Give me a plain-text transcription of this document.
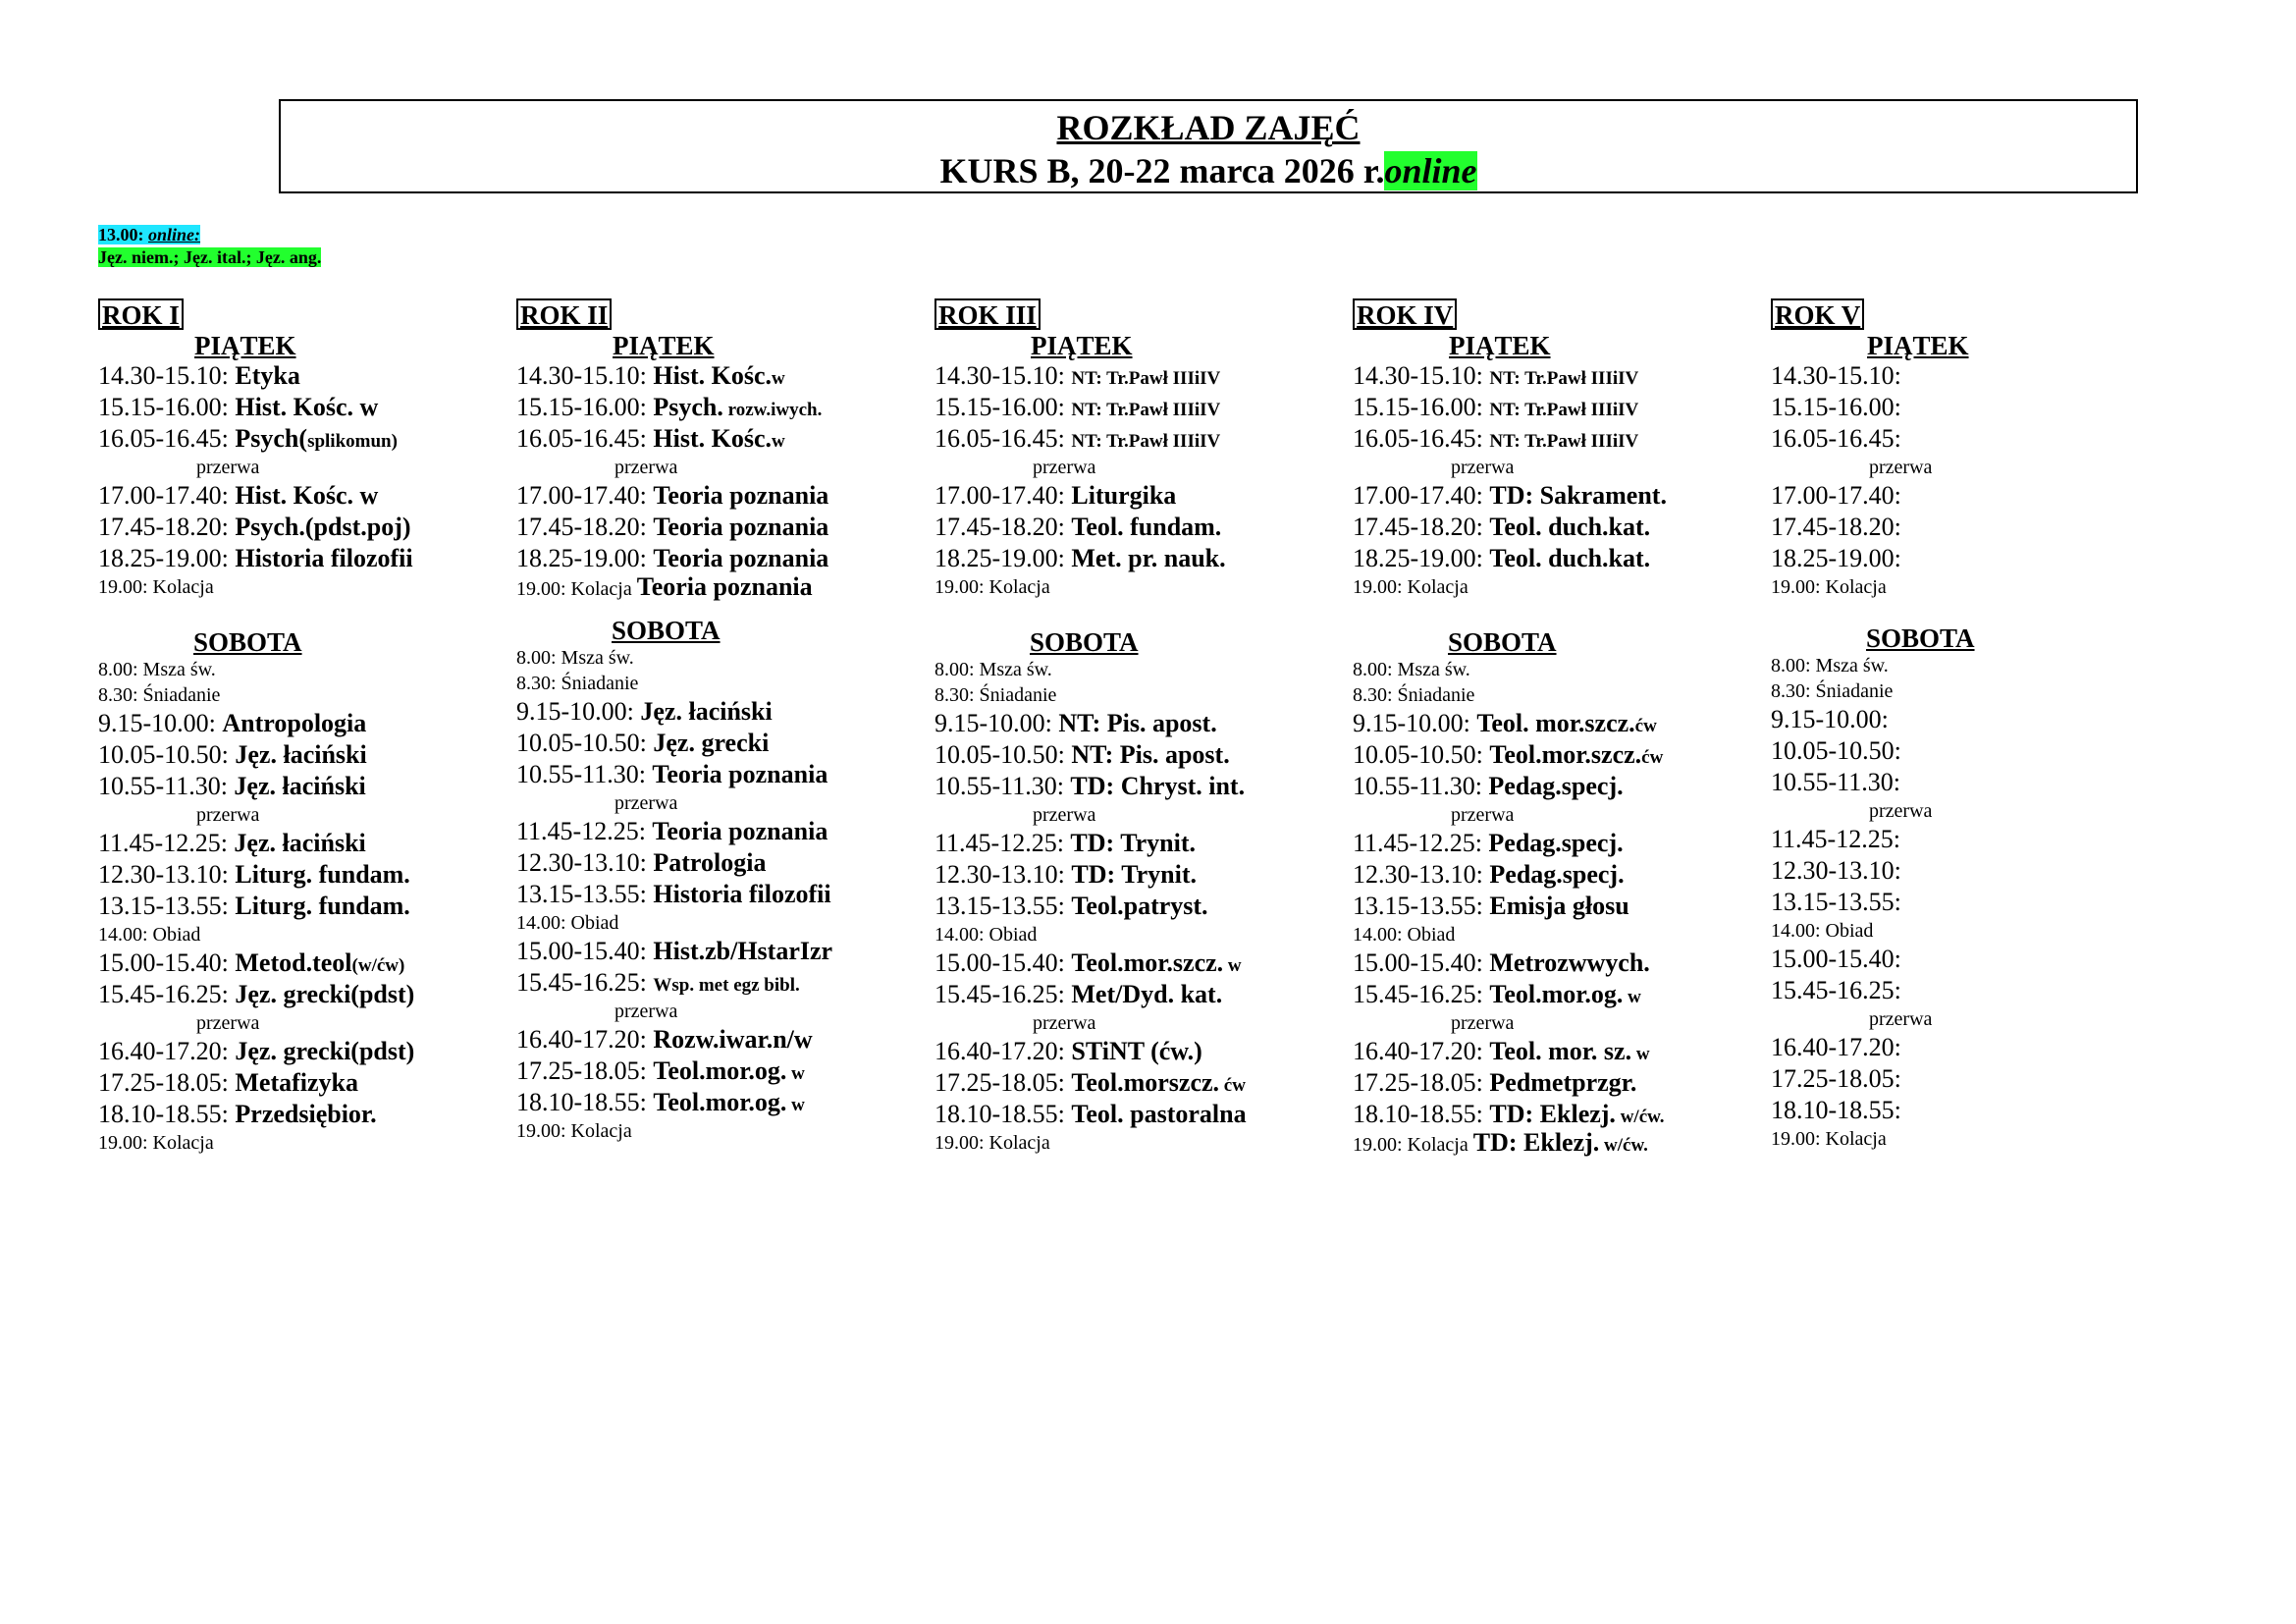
ROZKŁAD ZAJĘĆ
KURS B, 20-22 marca 2026 r.online
13.00: online:
Jęz. niem.; Jęz. ital.; Jęz. ang.
ROK I
PIĄTEK
14.30-15.10: Etyka
15.15-16.00: Hist. Kośc. w
16.05-16.45: Psych(splikomun)
przerwa
17.00-17.40: Hist. Kośc. w
17.45-18.20: Psych.(pdst.poj)
18.25-19.00: Historia filozofii
19.00: Kolacja
SOBOTA
8.00: Msza św.
8.30: Śniadanie
9.15-10.00: Antropologia
10.05-10.50: Jęz. łaciński
10.55-11.30: Jęz. łaciński
przerwa
11.45-12.25: Jęz. łaciński
12.30-13.10: Liturg. fundam.
13.15-13.55: Liturg. fundam.
14.00: Obiad
15.00-15.40: Metod.teol(w/ćw)
15.45-16.25: Jęz. grecki(pdst)
przerwa
16.40-17.20: Jęz. grecki(pdst)
17.25-18.05: Metafizyka
18.10-18.55: Przedsiębior.
19.00: Kolacja
ROK II
PIĄTEK
14.30-15.10: Hist. Kośc.w
15.15-16.00: Psych. rozw.iwych.
16.05-16.45: Hist. Kośc.w
przerwa
17.00-17.40: Teoria poznania
17.45-18.20: Teoria poznania
18.25-19.00: Teoria poznania
19.00: Kolacja Teoria poznania
SOBOTA
8.00: Msza św.
8.30: Śniadanie
9.15-10.00: Jęz. łaciński
10.05-10.50: Jęz. grecki
10.55-11.30: Teoria poznania
przerwa
11.45-12.25: Teoria poznania
12.30-13.10: Patrologia
13.15-13.55: Historia filozofii
14.00: Obiad
15.00-15.40: Hist.zb/HstarIzr
15.45-16.25: Wsp. met egz bibl.
przerwa
16.40-17.20: Rozw.iwar.n/w
17.25-18.05: Teol.mor.og. w
18.10-18.55: Teol.mor.og. w
19.00: Kolacja
ROK III
PIĄTEK
14.30-15.10: NT: Tr.Pawł IIIiIV
15.15-16.00: NT: Tr.Pawł IIIiIV
16.05-16.45: NT: Tr.Pawł IIIiIV
przerwa
17.00-17.40: Liturgika
17.45-18.20: Teol. fundam.
18.25-19.00: Met. pr. nauk.
19.00: Kolacja
SOBOTA
8.00: Msza św.
8.30: Śniadanie
9.15-10.00: NT: Pis. apost.
10.05-10.50: NT: Pis. apost.
10.55-11.30: TD: Chryst. int.
przerwa
11.45-12.25: TD: Trynit.
12.30-13.10: TD: Trynit.
13.15-13.55: Teol.patryst.
14.00: Obiad
15.00-15.40: Teol.mor.szcz. w
15.45-16.25: Met/Dyd. kat.
przerwa
16.40-17.20: STiNT (ćw.)
17.25-18.05: Teol.morszcz. ćw
18.10-18.55: Teol. pastoralna
19.00: Kolacja
ROK IV
PIĄTEK
14.30-15.10: NT: Tr.Pawł IIIiIV
15.15-16.00: NT: Tr.Pawł IIIiIV
16.05-16.45: NT: Tr.Pawł IIIiIV
przerwa
17.00-17.40: TD: Sakrament.
17.45-18.20: Teol. duch.kat.
18.25-19.00: Teol. duch.kat.
19.00: Kolacja
SOBOTA
8.00: Msza św.
8.30: Śniadanie
9.15-10.00: Teol. mor.szcz.ćw
10.05-10.50: Teol.mor.szcz.ćw
10.55-11.30: Pedag.specj.
przerwa
11.45-12.25: Pedag.specj.
12.30-13.10: Pedag.specj.
13.15-13.55: Emisja głosu
14.00: Obiad
15.00-15.40: Metrozwwych.
15.45-16.25: Teol.mor.og. w
przerwa
16.40-17.20: Teol. mor. sz. w
17.25-18.05: Pedmetprzgr.
18.10-18.55: TD: Eklezj. w/ćw.
19.00: Kolacja TD: Eklezj. w/ćw.
ROK V
PIĄTEK
14.30-15.10:
15.15-16.00:
16.05-16.45:
przerwa
17.00-17.40:
17.45-18.20:
18.25-19.00:
19.00: Kolacja
SOBOTA
8.00: Msza św.
8.30: Śniadanie
9.15-10.00:
10.05-10.50:
10.55-11.30:
przerwa
11.45-12.25:
12.30-13.10:
13.15-13.55:
14.00: Obiad
15.00-15.40:
15.45-16.25:
przerwa
16.40-17.20:
17.25-18.05:
18.10-18.55:
19.00: Kolacja
